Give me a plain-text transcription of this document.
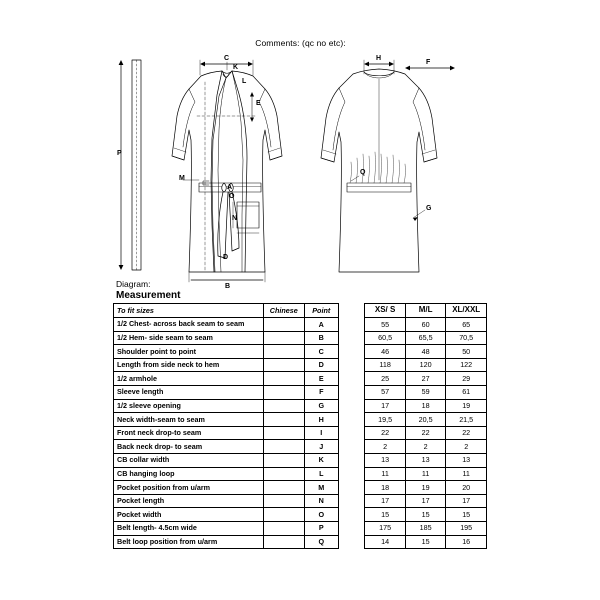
Comments: (qc no etc):
C
K
L
E
P
M
A
O
N
D
B
H
F
Q
G
Diagram:
Measurement
To fit sizes	Chinese	Point		XS/ S	M/L	XL/XXL
1/2 Chest- across back seam to seam		A		55	60	65
1/2 Hem- side seam to seam		B		60,5	65,5	70,5
Shoulder point to point		C		46	48	50
Length from side neck to hem		D		118	120	122
1/2 armhole		E		25	27	29
Sleeve length		F		57	59	61
1/2 sleeve opening		G		17	18	19
Neck width-seam to seam		H		19,5	20,5	21,5
Front neck drop-to seam		I		22	22	22
Back neck drop- to seam		J		2	2	2
CB collar width		K		13	13	13
CB hanging loop		L		11	11	11
Pocket position from u/arm		M		18	19	20
Pocket length		N		17	17	17
Pocket width		O		15	15	15
Belt length- 4.5cm wide		P		175	185	195
Belt loop position from u/arm		Q		14	15	16
